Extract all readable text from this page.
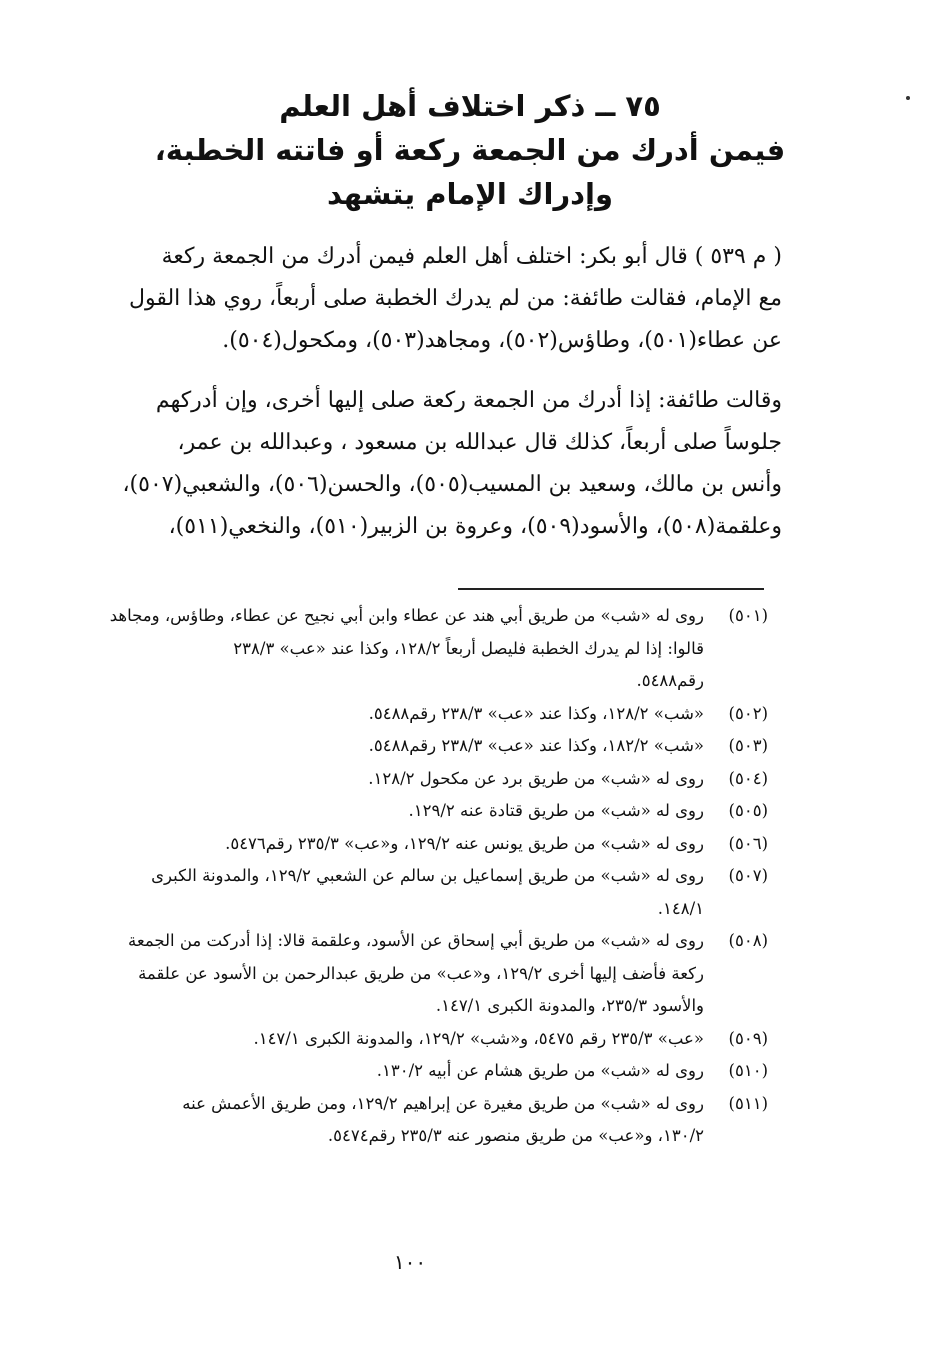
٧٥ ــ ذكر اختلاف أهل العلم

فيمن أدرك من الجمعة ركعة أو فاتته الخطبة،

وإدراك الإمام يتشهد

( م ٥٣٩ ) قال أبو بكر: اختلف أهل العلم فيمن أدرك من الجمعة ركعة
مع الإمام، فقالت طائفة: من لم يدرك الخطبة صلى أربعاً، روي هذا القول
عن عطاء(٥٠١)، وطاؤس(٥٠٢)، ومجاهد(٥٠٣)، ومكحول(٥٠٤).
وقالت طائفة: إذا أدرك من الجمعة ركعة صلى إليها أخرى، وإن أدركهم
جلوساً صلى أربعاً، كذلك قال عبدالله بن مسعود ، وعبدالله بن عمر،
وأنس بن مالك، وسعيد بن المسيب(٥٠٥)، والحسن(٥٠٦)، والشعبي(٥٠٧)،
وعلقمة(٥٠٨)، والأسود(٥٠٩)، وعروة بن الزبير(٥١٠)، والنخعي(٥١١)،
(٥٠١)
روى له «شب» من طريق أبي هند عن عطاء وابن أبي نجيح عن عطاء، وطاؤس، ومجاهد
قالوا: إذا لم يدرك الخطبة فليصل أربعاً ١٢٨/٢، وكذا عند «عب» ٢٣٨/٣
رقم٥٤٨٨.
(٥٠٢)
«شب» ١٢٨/٢، وكذا عند «عب» ٢٣٨/٣ رقم٥٤٨٨.
(٥٠٣)
«شب» ١٨٢/٢، وكذا عند «عب» ٢٣٨/٣ رقم٥٤٨٨.
(٥٠٤)
روى له «شب» من طريق برد عن مكحول ١٢٨/٢.
(٥٠٥)
روى له «شب» من طريق قتادة عنه ١٢٩/٢.
(٥٠٦)
روى له «شب» من طريق يونس عنه ١٢٩/٢، و«عب» ٢٣٥/٣ رقم٥٤٧٦.
(٥٠٧)
روى له «شب» من طريق إسماعيل بن سالم عن الشعبي ١٢٩/٢، والمدونة الكبرى
١٤٨/١.
(٥٠٨)
روى له «شب» من طريق أبي إسحاق عن الأسود، وعلقمة قالا: إذا أدركت من الجمعة
ركعة فأضف إليها أخرى ١٢٩/٢، و«عب» من طريق عبدالرحمن بن الأسود عن علقمة
والأسود ٢٣٥/٣، والمدونة الكبرى ١٤٧/١.
(٥٠٩)
«عب» ٢٣٥/٣ رقم ٥٤٧٥، و«شب» ١٢٩/٢، والمدونة الكبرى ١٤٧/١.
(٥١٠)
روى له «شب» من طريق هشام عن أبيه ١٣٠/٢.
(٥١١)
روى له «شب» من طريق مغيرة عن إبراهيم ١٢٩/٢، ومن طريق الأعمش عنه
١٣٠/٢، و«عب» من طريق منصور عنه ٢٣٥/٣ رقم٥٤٧٤.
١٠٠
